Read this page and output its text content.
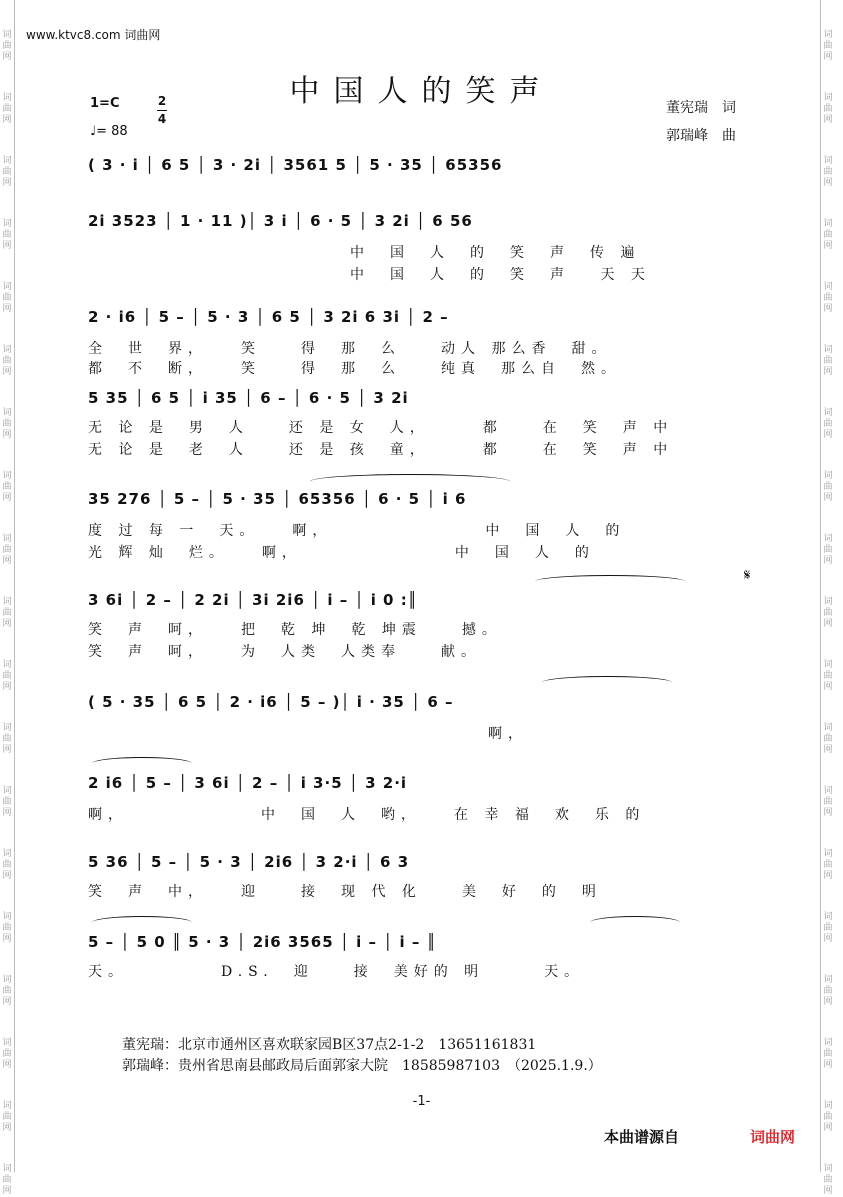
词
曲
网
词
曲
网
词
曲
网
词
曲
网
词
曲
网
词
曲
网
词
曲
网
词
曲
网
词
曲
网
词
曲
网
词
曲
网
词
曲
网
词
曲
网
词
曲
网
词
曲
网
词
曲
网
词
曲
网
词
曲
网
词
曲
网
词
曲
网
词
曲
网
词
曲
网
词
曲
网
词
曲
网
词
曲
网
词
曲
网
词
曲
网
词
曲
网
词
曲
网
词
曲
网
词
曲
网
词
曲
网
词
曲
网
词
曲
网
词
曲
网
词
曲
网
词
曲
网
词
曲
网
www.ktvc8.com 词曲网
中国人的笑声
1=C	2
4
♩= 88
董宪瑞　词
郭瑞峰　曲
( 3 · i │ 6 5 │ 3 · 2i │ 3561 5 │ 5 · 35 │ 65356
2i 3523 │ 1 · 11 )│ 3 i │ 6 · 5 │ 3 2i │ 6 56
中　国　人　的　笑　声　传 遍
中　国　人　的　笑　声　 天 天
2 · i6 │ 5 – │ 5 · 3 │ 6 5 │ 3 2i 6 3i │ 2 –
全　世　界，　　笑　　得　那　么　　动人 那么香　甜。
都　不　断，　　笑　　得　那　么　　纯真　那么自　然。
5 35 │ 6 5 │ i 35 │ 6 – │ 6 · 5 │ 3 2i
无 论 是　男　人　　还 是 女　人，　　　都　　在　笑　声 中
无 论 是　老　人　　还 是 孩　童，　　　都　　在　笑　声 中
35 276 │ 5 – │ 5 · 35 │ 65356 │ 6 · 5 │ i 6
度 过 每 一　天。　　啊，　　　　　　　　中　国　人　的
光 辉 灿　烂。　　啊，　　　　　　　　中　国　人　的
3 6i │ 2 – │ 2 2i │ 3i 2i6 │ i – │ i 0 :║
笑　声　呵，　　把　乾 坤　乾 坤震　　撼。
笑　声　呵，　　为　人类　人类奉　　献。
( 5 · 35 │ 6 5 │ 2 · i6 │ 5 – )│ i · 35 │ 6 –
　　　　　　　　　　　　　　　　　　　　啊，
2 i6 │ 5 – │ 3 6i │ 2 – │ i 3·5 │ 3 2·i
啊，　　　　　　　中　国　人　哟，　　在 幸 福　欢　乐 的
5 36 │ 5 – │ 5 · 3 │ 2i6 │ 3 2·i │ 6 3
笑　声　中，　　迎　　接　现 代 化　　美　好　的　明
5 – │ 5 0 ║ 5 · 3 │ 2i6 3565 │ i – │ i – ║
天。　　　　　D.S.　迎　　接　美好的 明　　　天。
𝄋
董宪瑞：北京市通州区喜欢联家园B区37点2-1-2　13651161831
郭瑞峰：贵州省思南县邮政局后面郭家大院　18585987103　（2025.1.9.）
-1-
本曲谱源自	词曲网
